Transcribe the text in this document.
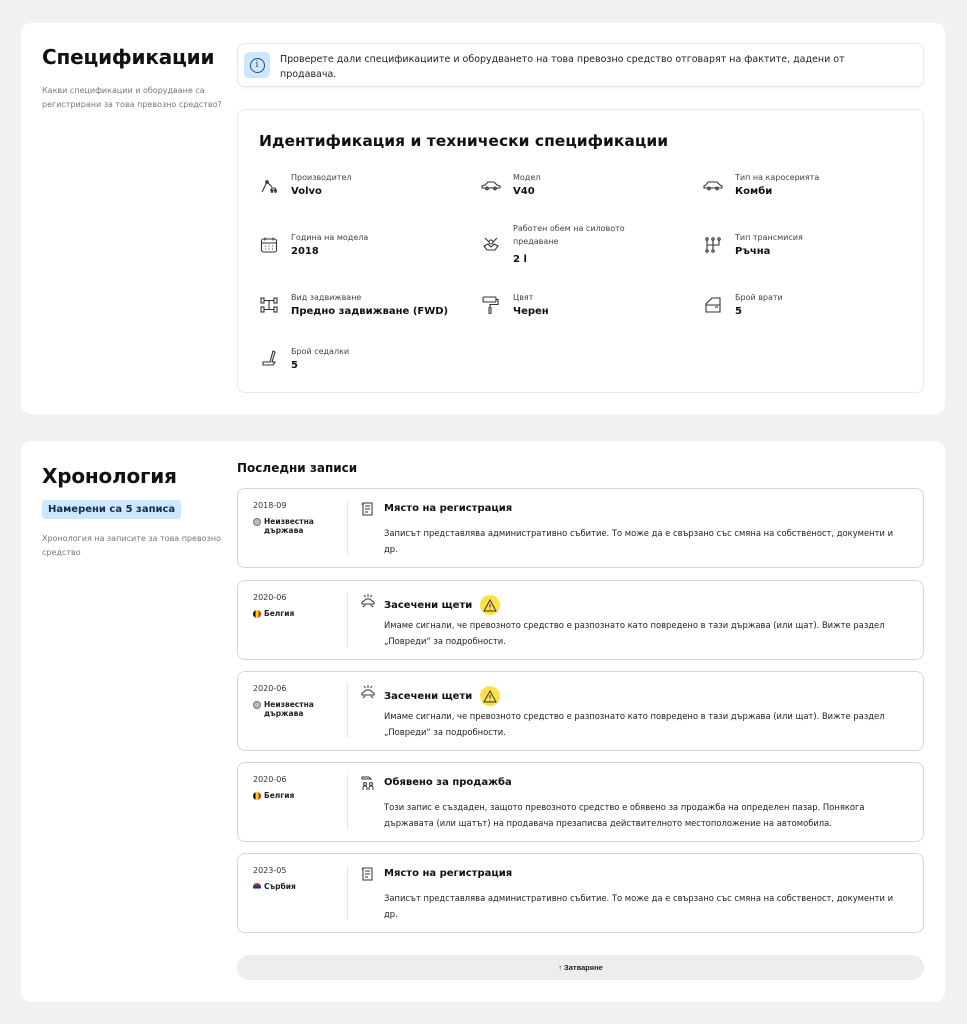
Спецификации
Какви спецификации и оборудване са регистрирани за това превозно средство?
i	Проверете дали спецификациите и оборудването на това превозно средство отговарят на фактите, дадени от продавача.
Идентификация и технически спецификации
Производител
Volvo
Модел
V40
Тип на каросерията
Комби
Година на модела
2018
Работен обем на силовото предаване
2 l
Тип трансмисия
Ръчна
Вид задвижване
Предно задвижване (FWD)
Цвят
Черен
Брой врати
5
Брой седалки
5
Хронология
Намерени са 5 записа
Хронология на записите за това превозно средство
Последни записи
2018-09
Неизвестна държава
Място на регистрация
Записът представлява административно събитие. То може да е свързано със смяна на собственост, документи и др.
2020-06
Белгия
Засечени щети
Имаме сигнали, че превозното средство е разпознато като повредено в тази държава (или щат). Вижте раздел „Повреди“ за подробности.
2020-06
Неизвестна държава
Засечени щети
Имаме сигнали, че превозното средство е разпознато като повредено в тази държава (или щат). Вижте раздел „Повреди“ за подробности.
2020-06
Белгия
Обявено за продажба
Този запис е създаден, защото превозното средство е обявено за продажба на определен пазар. Понякога държавата (или щатът) на продавача презаписва действителното местоположение на автомобила.
2023-05
Сърбия
Място на регистрация
Записът представлява административно събитие. То може да е свързано със смяна на собственост, документи и др.
↑ Затваряне
